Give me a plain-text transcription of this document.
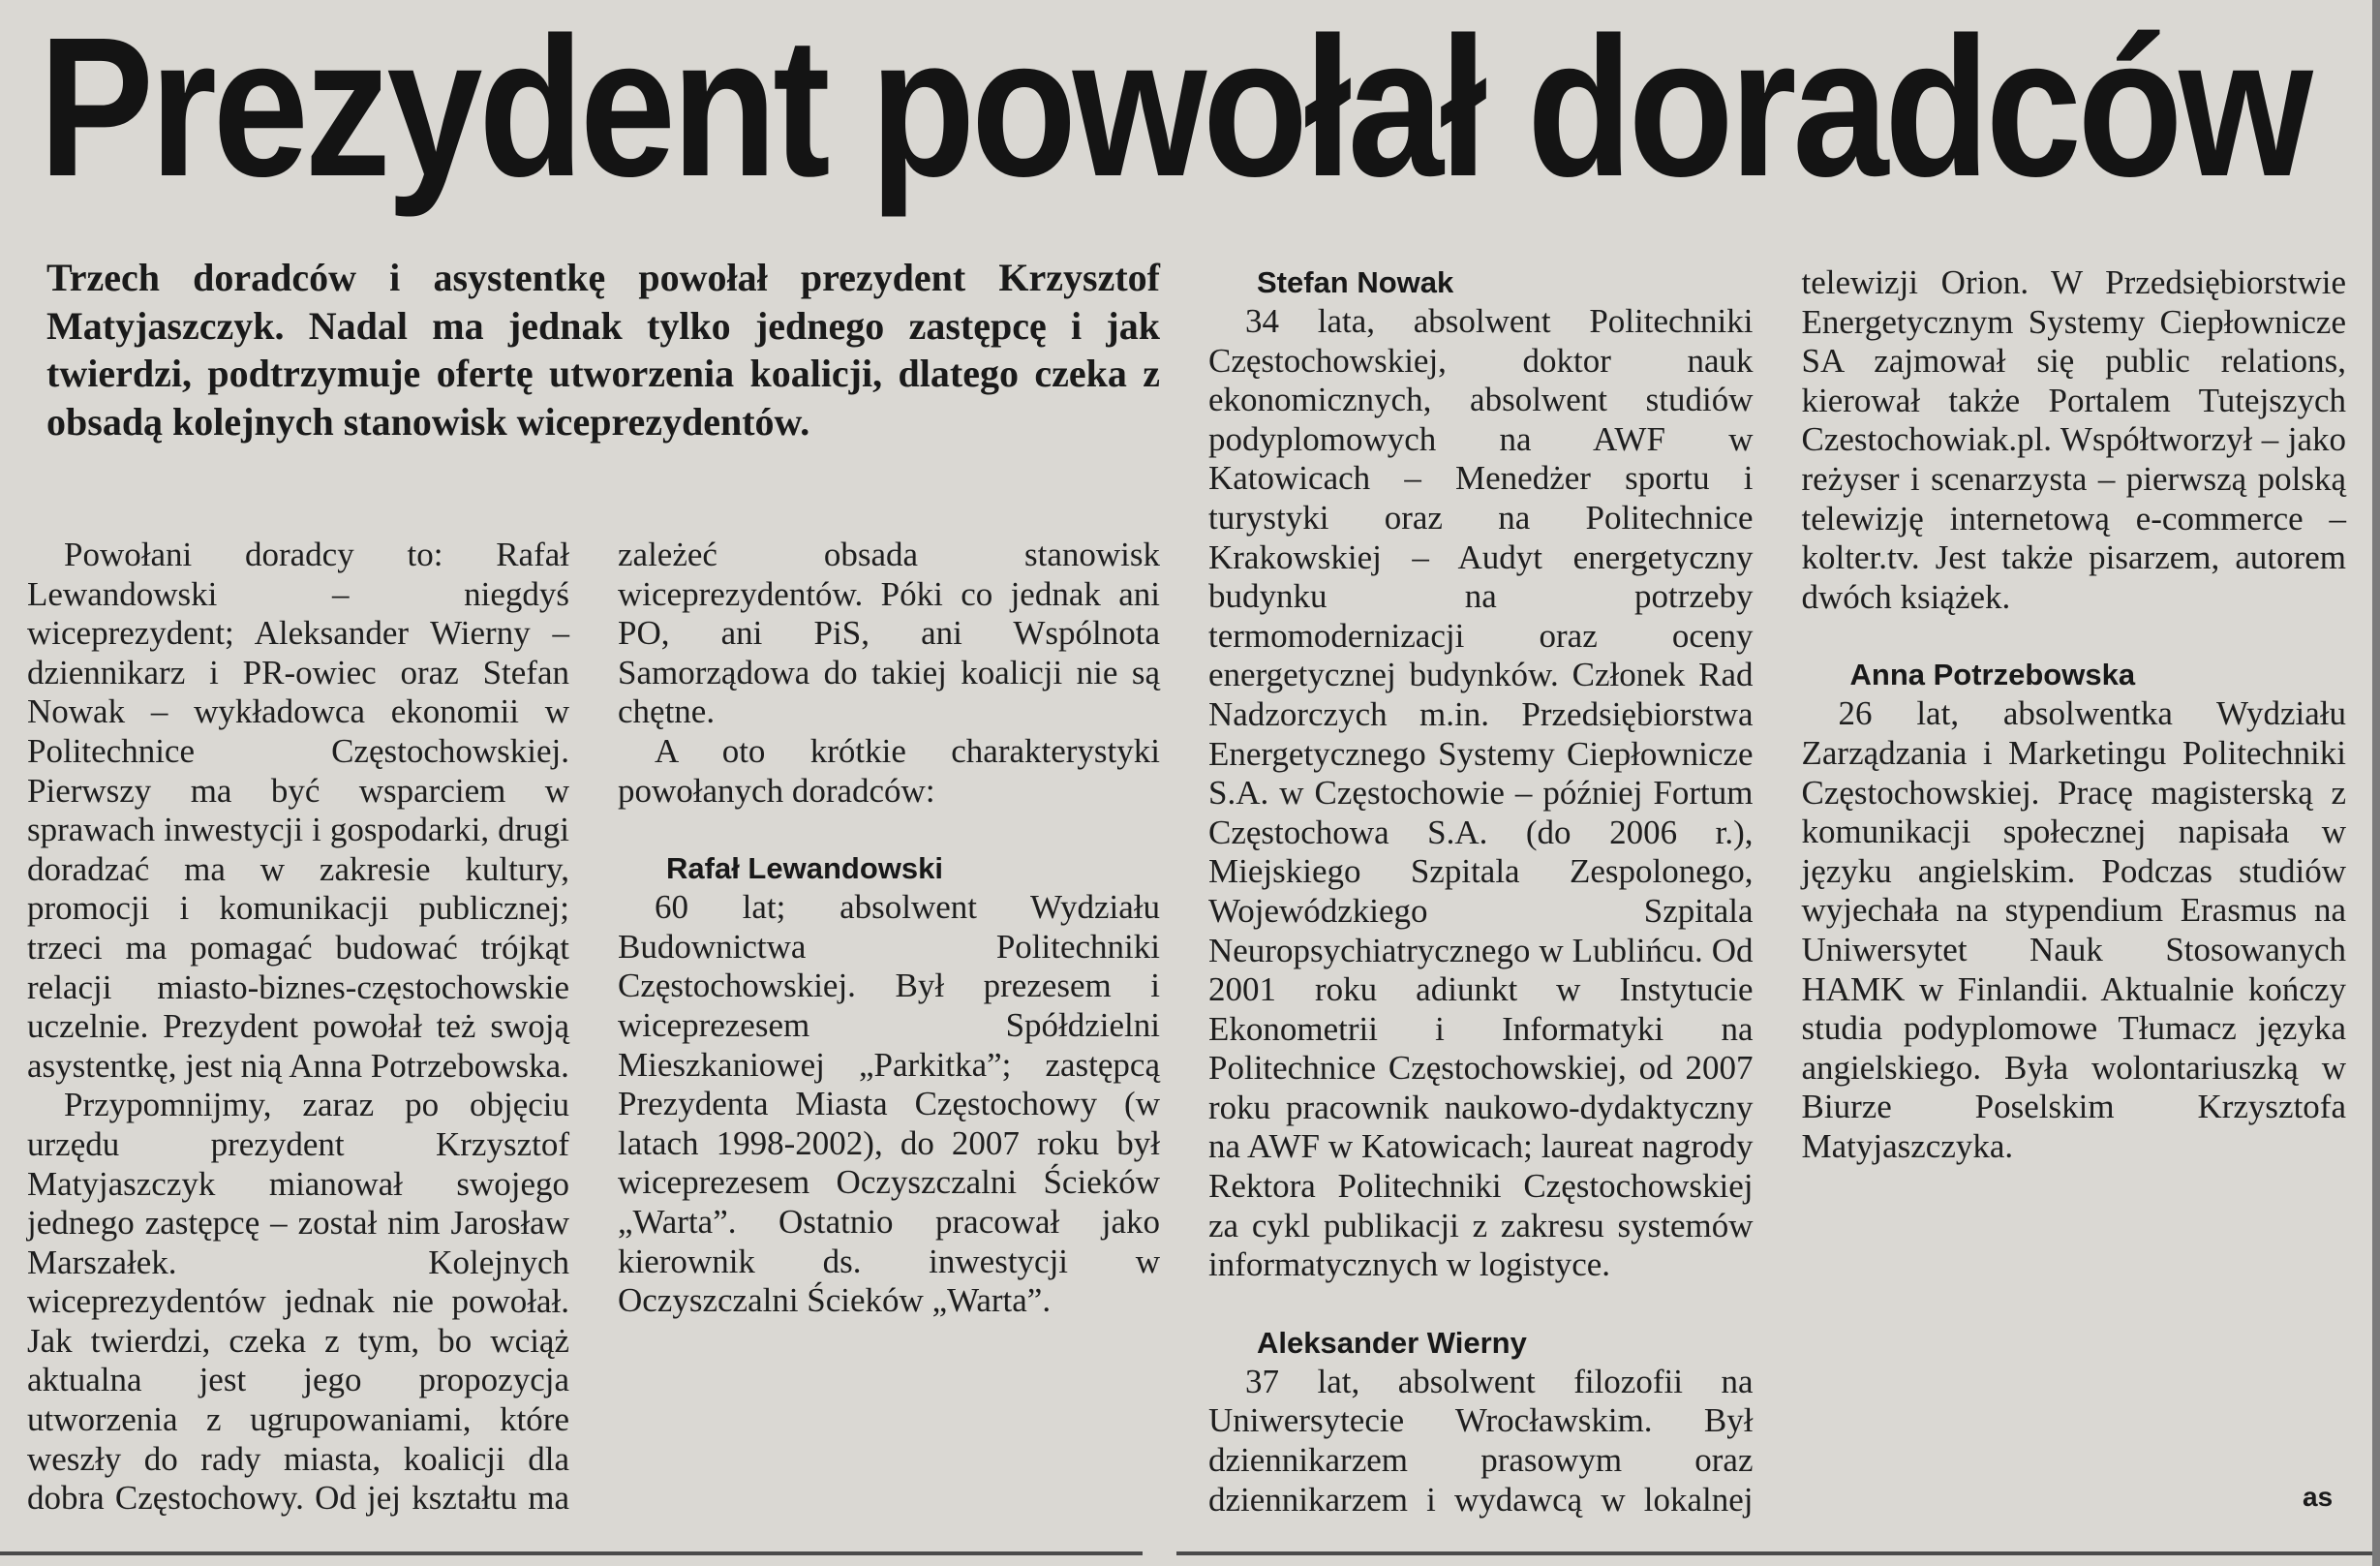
Prezydent powołał doradców
Trzech doradców i asystentkę powołał prezydent Krzysztof Matyjaszczyk. Nadal ma jednak tylko jednego zastępcę i jak twierdzi, podtrzymuje ofertę utworzenia koalicji, dlatego czeka z obsadą kolejnych stanowisk wiceprezydentów.

Powołani doradcy to: Rafał Lewandowski – niegdyś wiceprezydent; Aleksander Wierny – dziennikarz i PR-owiec oraz Stefan Nowak – wykładowca ekonomii w Politechnice Częstochowskiej. Pierwszy ma być wsparciem w sprawach inwestycji i gospodarki, drugi doradzać ma w zakresie kultury, promocji i komunikacji publicznej; trzeci ma pomagać budować trójkąt relacji miasto-biznes-częstochowskie uczelnie. Prezydent powołał też swoją asystentkę, jest nią Anna Potrzebowska.

Przypomnijmy, zaraz po objęciu urzędu prezydent Krzysztof Matyjaszczyk mianował swojego jednego zastępcę – został nim Jarosław Marszałek. Kolejnych wiceprezydentów jednak nie powołał. Jak twierdzi, czeka z tym, bo wciąż aktualna jest jego propozycja utworzenia z ugrupowaniami, które weszły do rady miasta, koalicji dla dobra Częstochowy. Od jej kształtu ma zależeć obsada stanowisk wiceprezydentów. Póki co jednak ani PO, ani PiS, ani Wspólnota Samorządowa do takiej koalicji nie są chętne.

A oto krótkie charakterystyki powołanych doradców:

Rafał Lewandowski

60 lat; absolwent Wydziału Budownictwa Politechniki Częstochowskiej. Był prezesem i wiceprezesem Spółdzielni Mieszkaniowej „Parkitka”; zastępcą Prezydenta Miasta Częstochowy (w latach 1998-2002), do 2007 roku był wiceprezesem Oczyszczalni Ścieków „Warta”. Ostatnio pracował jako kierownik ds. inwestycji w Oczyszczalni Ścieków „Warta”.

Stefan Nowak

34 lata, absolwent Politechniki Częstochowskiej, doktor nauk ekonomicznych, absolwent studiów podyplomowych na AWF w Katowicach – Menedżer sportu i turystyki oraz na Politechnice Krakowskiej – Audyt energetyczny budynku na potrzeby termomodernizacji oraz oceny energetycznej budynków. Członek Rad Nadzorczych m.in. Przedsiębiorstwa Energetycznego Systemy Ciepłownicze S.A. w Częstochowie – później Fortum Częstochowa S.A. (do 2006 r.), Miejskiego Szpitala Zespolonego, Wojewódzkiego Szpitala Neuropsychiatrycznego w Lublińcu. Od 2001 roku adiunkt w Instytucie Ekonometrii i Informatyki na Politechnice Częstochowskiej, od 2007 roku pracownik naukowo-dydaktyczny na AWF w Katowicach; laureat nagrody Rektora Politechniki Częstochowskiej za cykl publikacji z zakresu systemów informatycznych w logistyce.

Aleksander Wierny

37 lat, absolwent filozofii na Uniwersytecie Wrocławskim. Był dziennikarzem prasowym oraz dziennikarzem i wydawcą w lokalnej telewizji Orion. W Przedsiębiorstwie Energetycznym Systemy Ciepłownicze SA zajmował się public relations, kierował także Portalem Tutejszych Czestochowiak.pl. Współtworzył – jako reżyser i scenarzysta – pierwszą polską telewizję internetową e-commerce – kolter.tv. Jest także pisarzem, autorem dwóch książek.

Anna Potrzebowska

26 lat, absolwentka Wydziału Zarządzania i Marketingu Politechniki Częstochowskiej. Pracę magisterską z komunikacji społecznej napisała w języku angielskim. Podczas studiów wyjechała na stypendium Erasmus na Uniwersytet Nauk Stosowanych HAMK w Finlandii. Aktualnie kończy studia podyplomowe Tłumacz języka angielskiego. Była wolontariuszką w Biurze Poselskim Krzysztofa Matyjaszczyka.

as
